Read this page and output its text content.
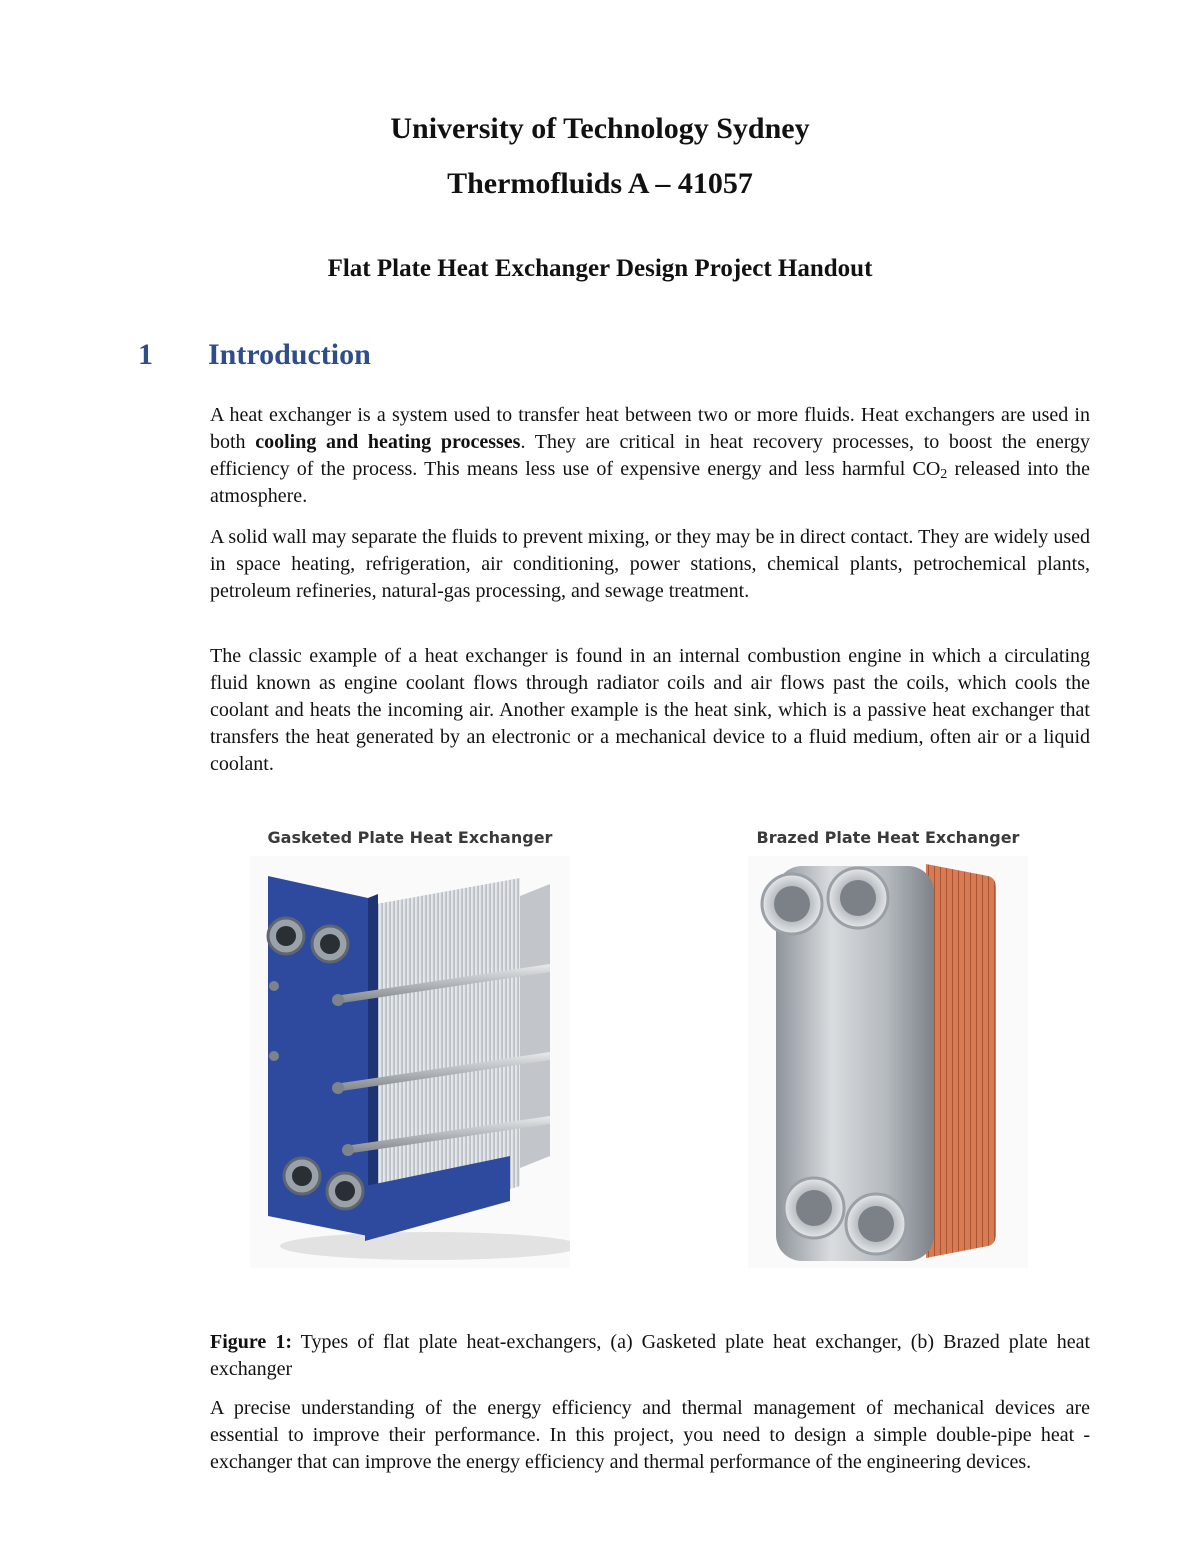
University of Technology Sydney
Thermofluids A – 41057
Flat Plate Heat Exchanger Design Project Handout
1 Introduction
A heat exchanger is a system used to transfer heat between two or more fluids. Heat exchangers are used in both cooling and heating processes. They are critical in heat recovery processes, to boost the energy efficiency of the process. This means less use of expensive energy and less harmful $CO_2$ released into the atmosphere.
A solid wall may separate the fluids to prevent mixing, or they may be in direct contact. They are widely used in space heating, refrigeration, air conditioning, power stations, chemical plants, petrochemical plants, petroleum refineries, natural-gas processing, and sewage treatment.
The classic example of a heat exchanger is found in an internal combustion engine in which a circulating fluid known as engine coolant flows through radiator coils and air flows past the coils, which cools the coolant and heats the incoming air. Another example is the heat sink, which is a passive heat exchanger that transfers the heat generated by an electronic or a mechanical device to a fluid medium, often air or a liquid coolant.
Gasketed Plate Heat Exchanger	Brazed Plate Heat Exchanger
Figure 1: Types of flat plate heat-exchangers, (a) Gasketed plate heat exchanger, (b) Brazed plate heat exchanger
A precise understanding of the energy efficiency and thermal management of mechanical devices are essential to improve their performance. In this project, you need to design a simple double-pipe heat -exchanger that can improve the energy efficiency and thermal performance of the engineering devices.
